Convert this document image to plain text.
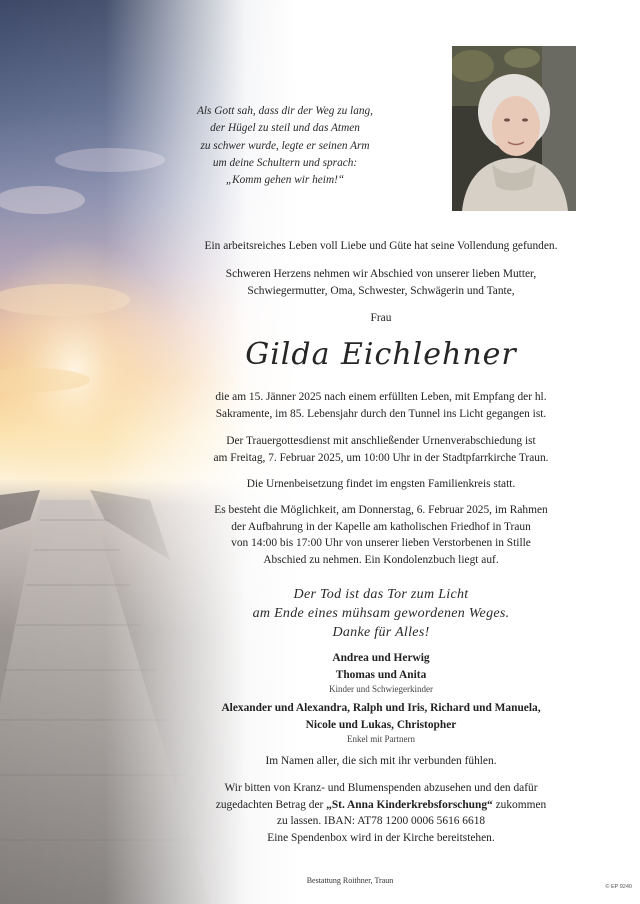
Als Gott sah, dass dir der Weg zu lang,
der Hügel zu steil und das Atmen
zu schwer wurde, legte er seinen Arm
um deine Schultern und sprach:
„Komm gehen wir heim!“
Ein arbeitsreiches Leben voll Liebe und Güte hat seine Vollendung gefunden.
Schweren Herzens nehmen wir Abschied von unserer lieben Mutter,
Schwiegermutter, Oma, Schwester, Schwägerin und Tante,
Frau
Gilda Eichlehner
die am 15. Jänner 2025 nach einem erfüllten Leben, mit Empfang der hl.
Sakramente, im 85. Lebensjahr durch den Tunnel ins Licht gegangen ist.
Der Trauergottesdienst mit anschließender Urnenverabschiedung ist
am Freitag, 7. Februar 2025, um 10:00 Uhr in der Stadtpfarrkirche Traun.
Die Urnenbeisetzung findet im engsten Familienkreis statt.
Es besteht die Möglichkeit, am Donnerstag, 6. Februar 2025, im Rahmen
der Aufbahrung in der Kapelle am katholischen Friedhof in Traun
von 14:00 bis 17:00 Uhr von unserer lieben Verstorbenen in Stille
Abschied zu nehmen. Ein Kondolenzbuch liegt auf.
Der Tod ist das Tor zum Licht
am Ende eines mühsam gewordenen Weges.
Danke für Alles!
Andrea und Herwig
Thomas und Anita
Kinder und Schwiegerkinder
Alexander und Alexandra, Ralph und Iris, Richard und Manuela,
Nicole und Lukas, Christopher
Enkel mit Partnern
Im Namen aller, die sich mit ihr verbunden fühlen.
Wir bitten von Kranz- und Blumenspenden abzusehen und den dafür
zugedachten Betrag der „St. Anna Kinderkrebsforschung“ zukommen
zu lassen. IBAN: AT78 1200 0006 5616 6618
Eine Spendenbox wird in der Kirche bereitstehen.
Bestattung Roithner, Traun
© EP 9240
